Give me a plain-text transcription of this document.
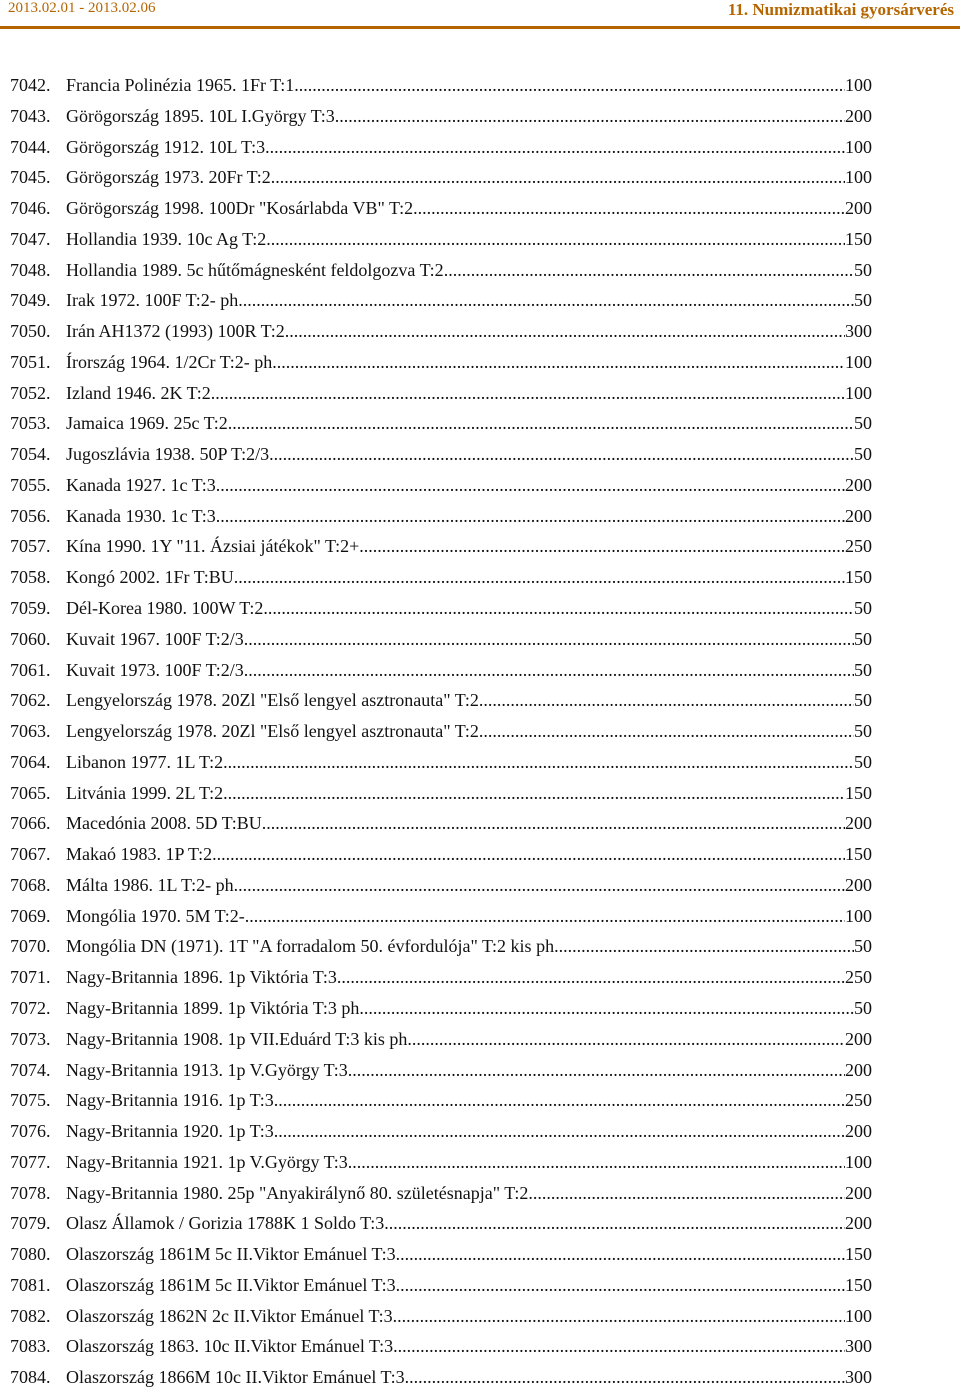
2013.02.01 - 2013.02.06	11. Numizmatikai gyorsárverés
7042. Francia Polinézia 1965. 1Fr T:1 .....	100
7043. Görögország 1895. 10L I.György T:3 .....	200
7044. Görögország 1912. 10L T:3 .....	100
7045. Görögország 1973. 20Fr T:2 .....	100
7046. Görögország 1998. 100Dr "Kosárlabda VB" T:2 .....	200
7047. Hollandia 1939. 10c Ag T:2 .....	150
7048. Hollandia 1989. 5c hűtőmágnesként feldolgozva T:2 .....	50
7049. Irak 1972. 100F T:2- ph. .....	50
7050. Irán AH1372 (1993) 100R T:2 .....	300
7051. Írország 1964. 1/2Cr T:2- ph. .....	100
7052. Izland 1946. 2K T:2 .....	100
7053. Jamaica 1969. 25c T:2 .....	50
7054. Jugoszlávia 1938. 50P T:2/3 .....	50
7055. Kanada 1927. 1c T:3 .....	200
7056. Kanada 1930. 1c T:3 .....	200
7057. Kína 1990. 1Y "11. Ázsiai játékok" T:2+ .....	250
7058. Kongó 2002. 1Fr T:BU .....	150
7059. Dél-Korea 1980. 100W T:2 .....	50
7060. Kuvait 1967. 100F T:2/3 .....	50
7061. Kuvait 1973. 100F T:2/3 .....	50
7062. Lengyelország 1978. 20Zl "Első lengyel asztronauta" T:2 .....	50
7063. Lengyelország 1978. 20Zl "Első lengyel asztronauta" T:2 .....	50
7064. Libanon 1977. 1L T:2 .....	50
7065. Litvánia 1999. 2L T:2 .....	150
7066. Macedónia 2008. 5D T:BU .....	200
7067. Makaó 1983. 1P T:2 .....	150
7068. Málta 1986. 1L T:2- ph. .....	200
7069. Mongólia 1970. 5M T:2- .....	100
7070. Mongólia DN (1971). 1T "A forradalom 50. évfordulója" T:2 kis ph. .....	50
7071. Nagy-Britannia 1896. 1p Viktória T:3 .....	250
7072. Nagy-Britannia 1899. 1p Viktória T:3 ph. .....	50
7073. Nagy-Britannia 1908. 1p VII.Eduárd T:3 kis ph. .....	200
7074. Nagy-Britannia 1913. 1p V.György T:3 .....	200
7075. Nagy-Britannia 1916. 1p T:3 .....	250
7076. Nagy-Britannia 1920. 1p T:3 .....	200
7077. Nagy-Britannia 1921. 1p V.György T:3 .....	100
7078. Nagy-Britannia 1980. 25p "Anyakirálynő 80. születésnapja" T:2 .....	200
7079. Olasz Államok / Gorizia 1788K 1 Soldo T:3 .....	200
7080. Olaszország 1861M 5c II.Viktor Emánuel T:3 .....	150
7081. Olaszország 1861M 5c II.Viktor Emánuel T:3 .....	150
7082. Olaszország 1862N 2c II.Viktor Emánuel T:3 .....	100
7083. Olaszország 1863. 10c II.Viktor Emánuel T:3 .....	300
7084. Olaszország 1866M 10c II.Viktor Emánuel T:3 .....	300
